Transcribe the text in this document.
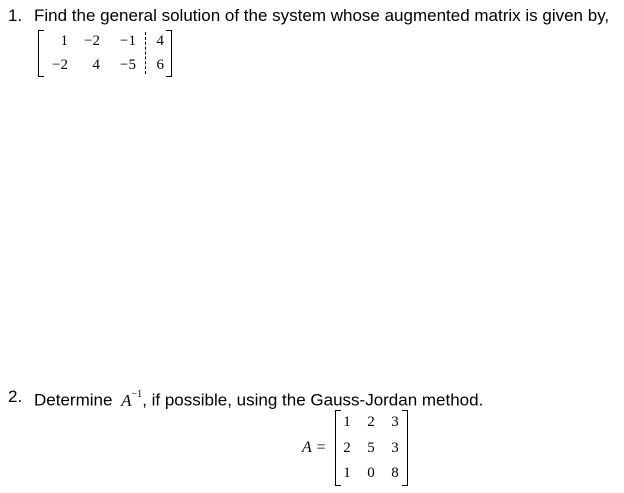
1. Find the general solution of the system whose augmented matrix is given by,
1	−2	−1	4
−2	4	−5	6
2. Determine $A^{-1}$, if possible, using the Gauss-Jordan method.
A =
1	2	3
2	5	3
1	0	8
